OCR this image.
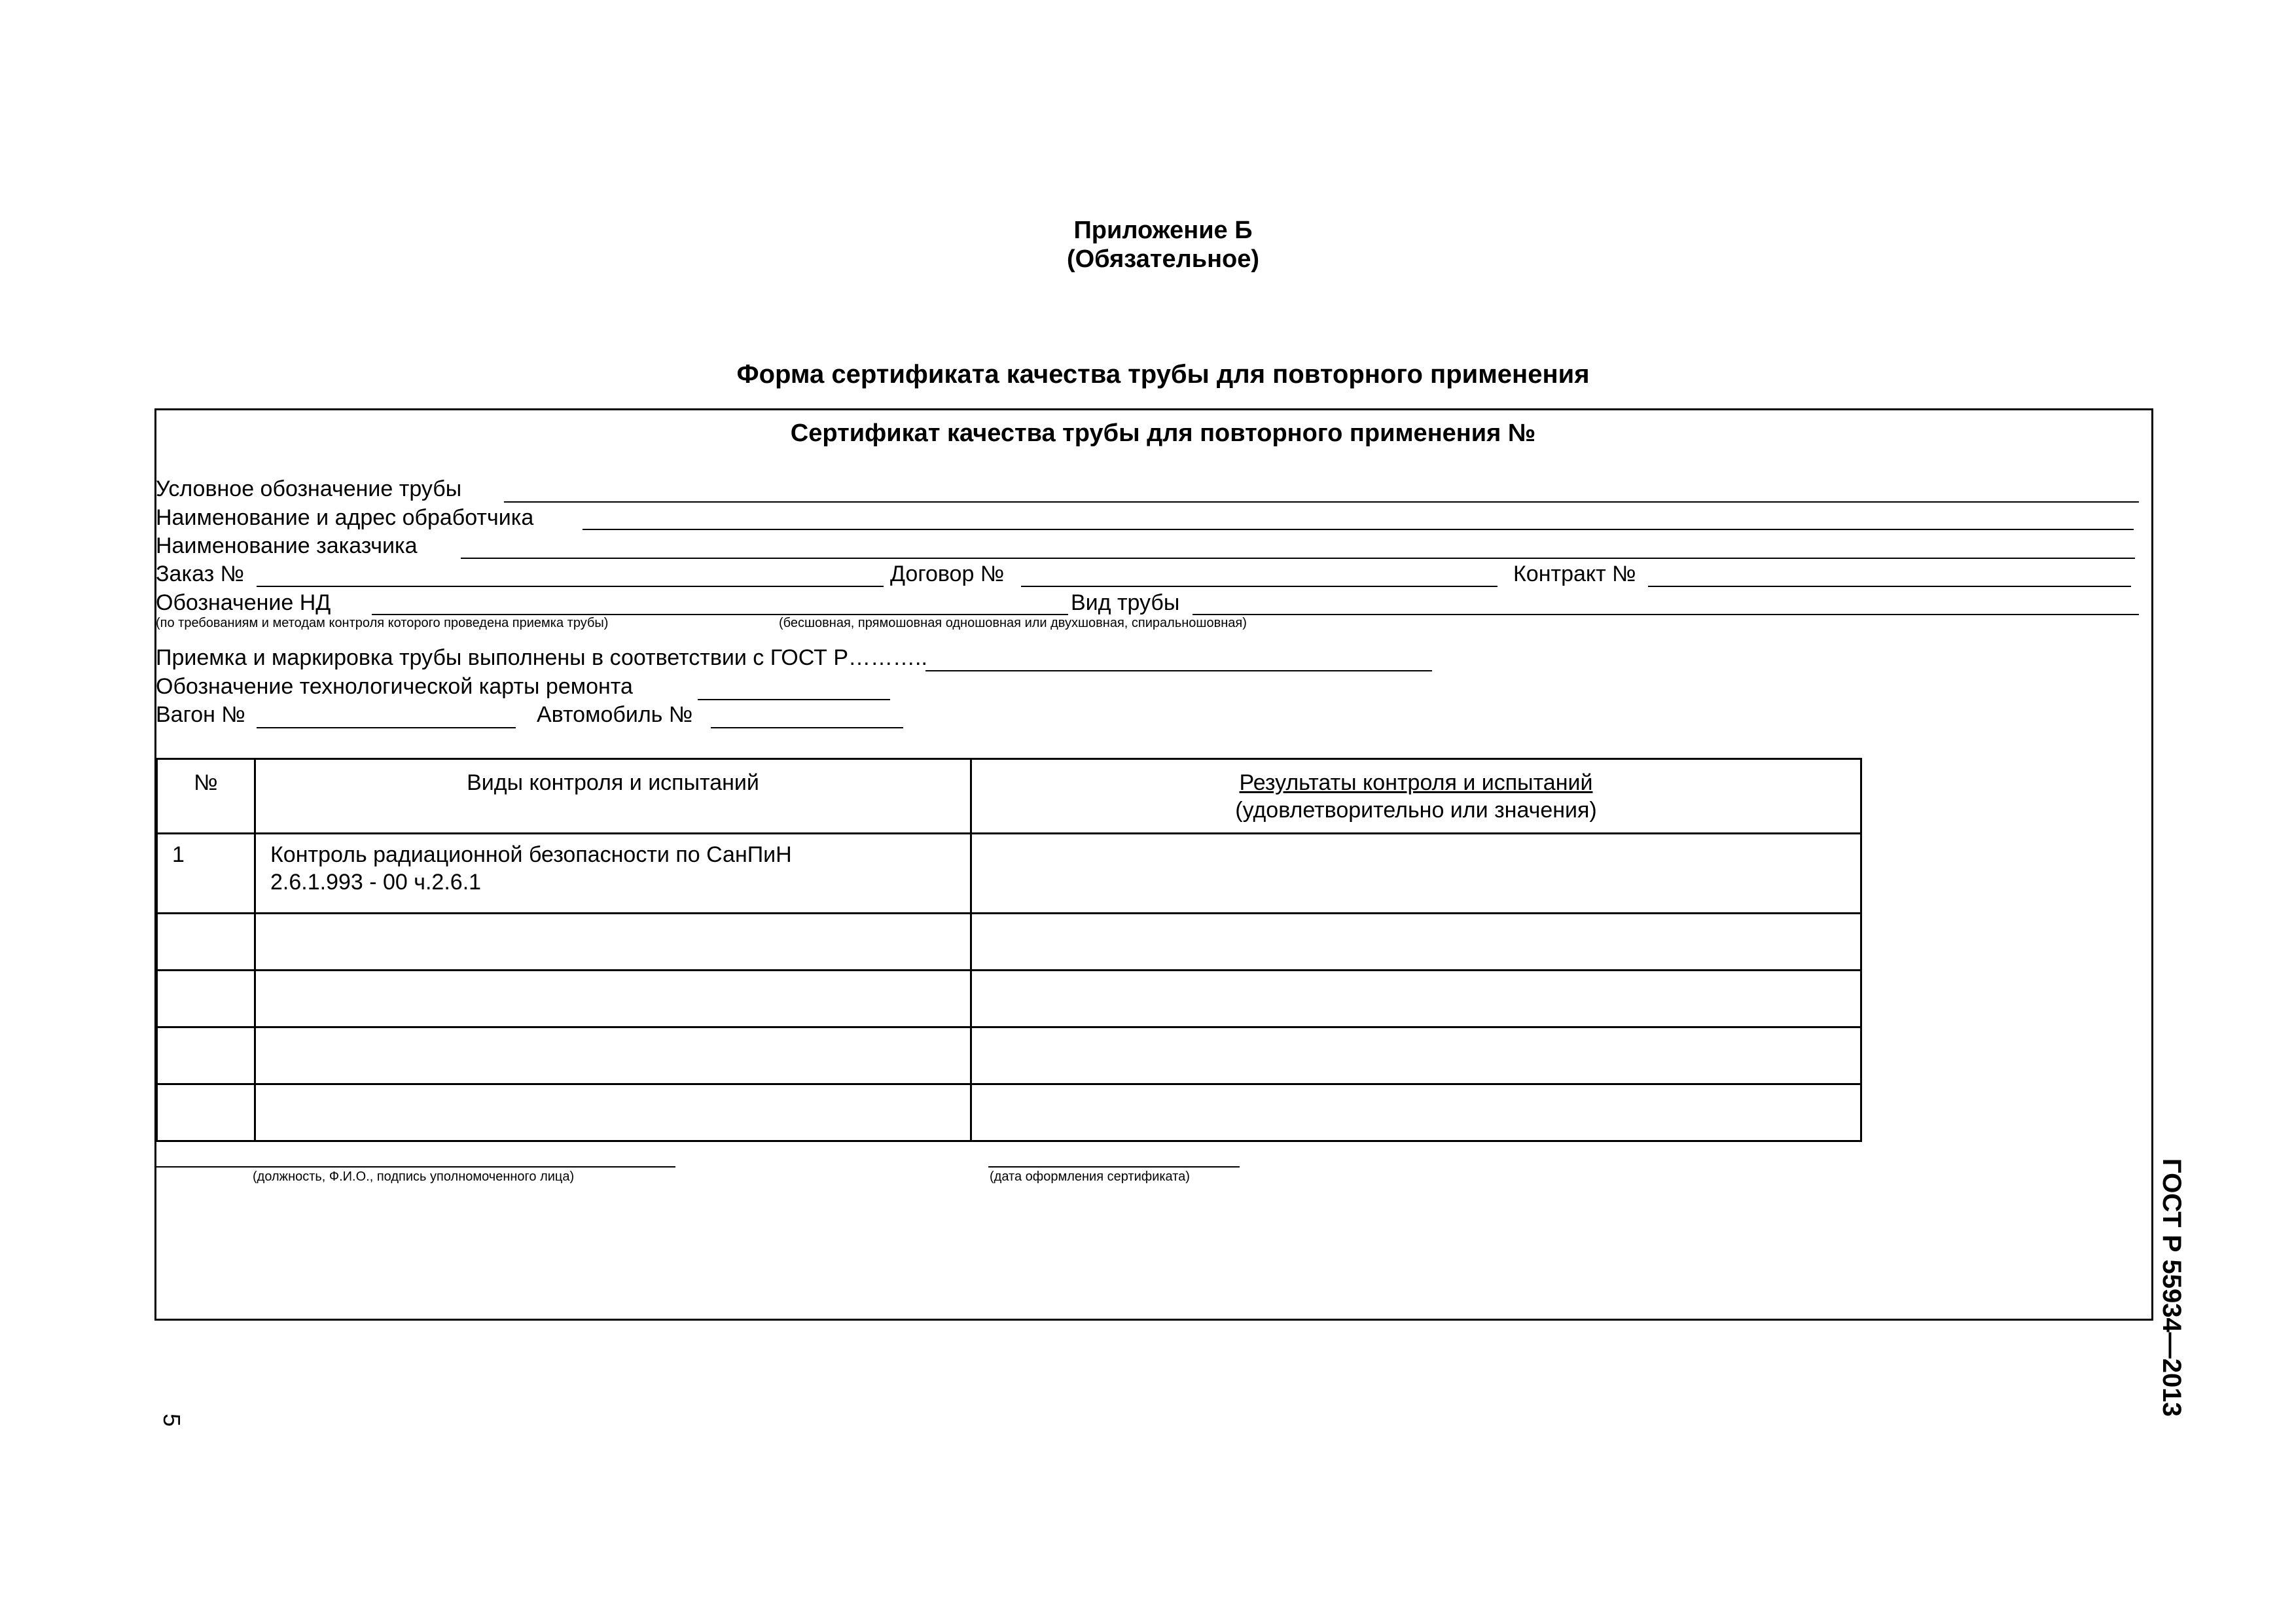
Приложение Б
(Обязательное)
Форма сертификата качества трубы для повторного применения
Сертификат качества трубы для повторного применения №
Условное обозначение трубы
Наименование и адрес обработчика
Наименование заказчика
Заказ №	Договор №	Контракт №
Обозначение НД	Вид трубы
(по требованиям и методам контроля которого проведена приемка трубы)	(бесшовная, прямошовная одношовная или двухшовная, спиральношовная)
Приемка и маркировка трубы выполнены в соответствии с ГОСТ Р………..
Обозначение технологической карты ремонта
Вагон №	Автомобиль №
№	Виды контроля и испытаний	Результаты контроля и испытаний
(удовлетворительно или значения)

1	Контроль радиационной безопасности по СанПиН
2.6.1.993 - 00 ч.2.6.1	

(должность, Ф.И.О., подпись уполномоченного лица)	(дата оформления сертификата)	ГОСТ Р 55934—2013
5
